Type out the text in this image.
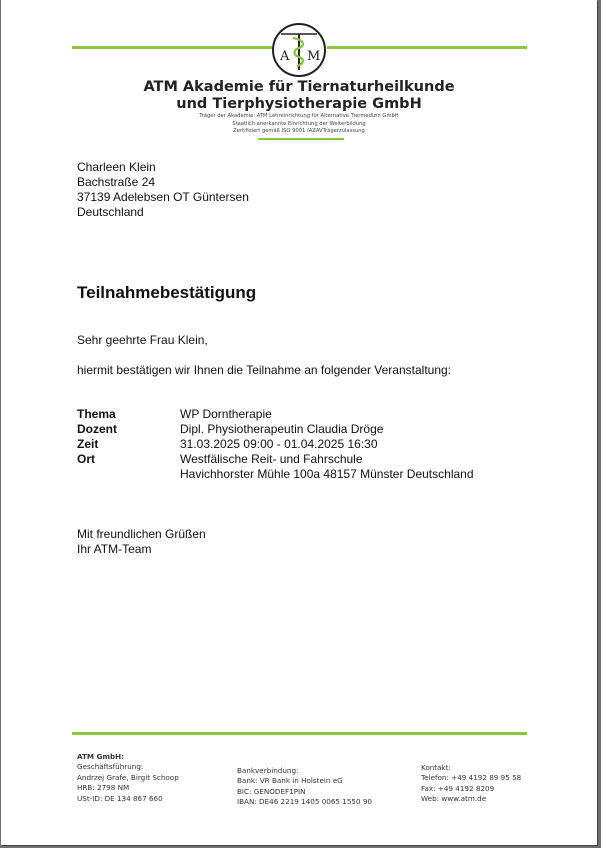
A M
ATM Akademie für Tiernaturheilkunde
und Tierphysiotherapie GmbH
Träger der Akademie: ATM Lehreinrichtung für Alternative Tiermedizin GmbH
Staatlich anerkannte Einrichtung der Weiterbildung
Zertifiziert gemäß ISO 9001 /AZAVTrägerzulassung
Charleen Klein
Bachstraße 24
37139 Adelebsen OT Güntersen
Deutschland
Teilnahmebestätigung
Sehr geehrte Frau Klein,
hiermit bestätigen wir Ihnen die Teilnahme an folgender Veranstaltung:
Thema	WP Dorntherapie
Dozent	Dipl. Physiotherapeutin Claudia Dröge
Zeit	31.03.2025 09:00 - 01.04.2025 16:30
Ort	Westfälische Reit- und Fahrschule
Havichhorster Mühle 100a 48157 Münster Deutschland
Mit freundlichen Grüßen
Ihr ATM-Team
ATM GmbH:
Geschäftsführung:
Andrzej Grafe, Birgit Schoop
HRB: 2798 NM
USt-ID: DE 134 867 660
Bankverbindung:
Bank: VR Bank in Holstein eG
BIC: GENODEF1PIN
IBAN: DE46 2219 1405 0065 1550 90
Kontakt:
Telefon: +49 4192 89 95 58
Fax: +49 4192 8209
Web: www.atm.de
